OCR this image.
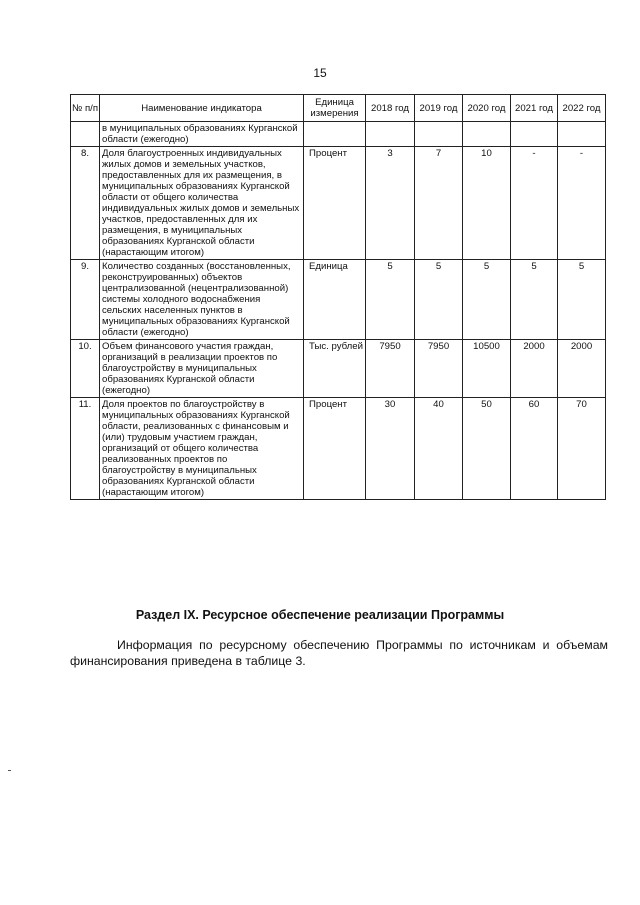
15
№ п/п	Наименование индикатора	Единица измерения	2018 год	2019 год	2020 год	2021 год	2022 год
	в муниципальных образованиях Курганской области (ежегодно)						
8.	Доля благоустроенных индивидуальных жилых домов и земельных участков, предоставленных для их размещения, в муниципальных образованиях Курганской области от общего количества индивидуальных жилых домов и земельных участков, предоставленных для их размещения, в муниципальных образованиях Курганской области (нарастающим итогом)	Процент	3	7	10	-	-
9.	Количество созданных (восстановленных, реконструированных) объектов централизованной (нецентрализованной) системы холодного водоснабжения сельских населенных пунктов в муниципальных образованиях Курганской области (ежегодно)	Единица	5	5	5	5	5
10.	Объем финансового участия граждан, организаций в реализации проектов по благоустройству в муниципальных образованиях Курганской области (ежегодно)	Тыс. рублей	7950	7950	10500	2000	2000
11.	Доля проектов по благоустройству в муниципальных образованиях Курганской области, реализованных с финансовым и (или) трудовым участием граждан, организаций от общего количества реализованных проектов по благоустройству в муниципальных образованиях Курганской области (нарастающим итогом)	Процент	30	40	50	60	70
Раздел IX. Ресурсное обеспечение реализации Программы

Информация по ресурсному обеспечению Программы по источникам и объемам финансирования приведена в таблице 3.
